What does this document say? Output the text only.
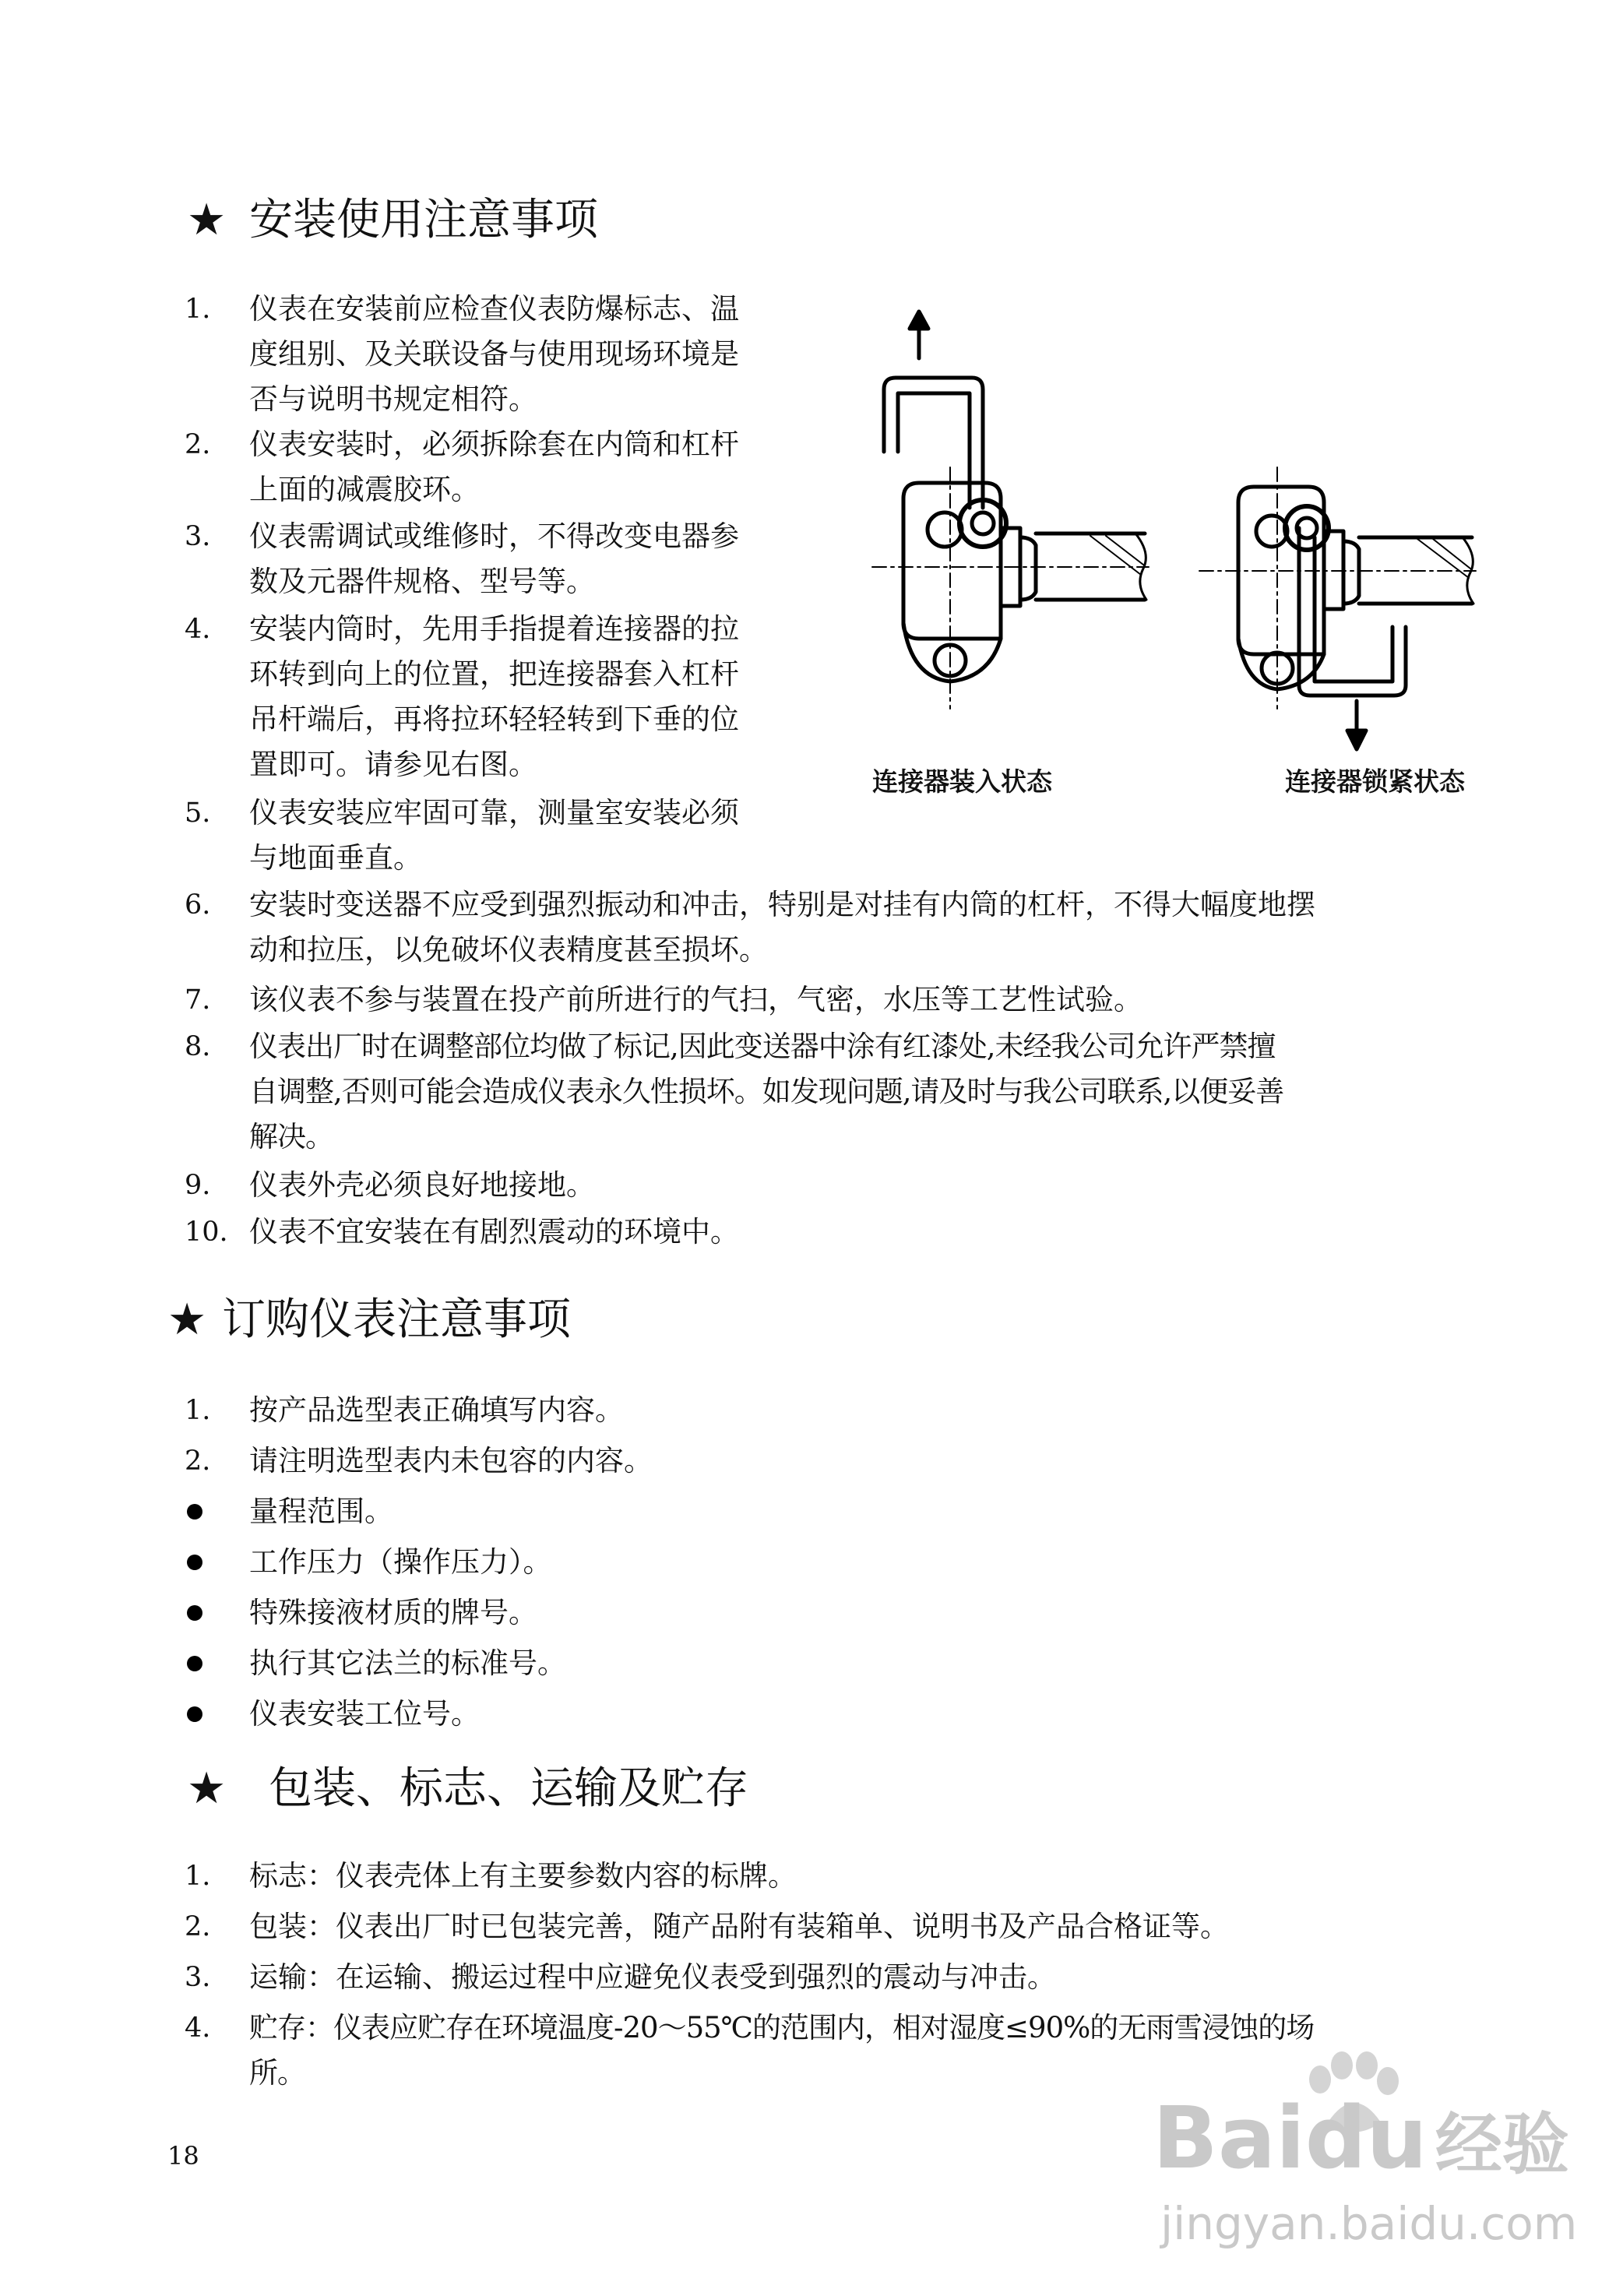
★ 安装使用注意事项
1. 仪表在安装前应检查仪表防爆标志、温
度组别、及关联设备与使用现场环境是
否与说明书规定相符。
2. 仪表安装时，必须拆除套在内筒和杠杆
上面的减震胶环。
3. 仪表需调试或维修时，不得改变电器参
数及元器件规格、型号等。
4. 安装内筒时，先用手指提着连接器的拉
环转到向上的位置，把连接器套入杠杆
吊杆端后，再将拉环轻轻转到下垂的位
置即可。请参见右图。
5. 仪表安装应牢固可靠，测量室安装必须
与地面垂直。
6. 安装时变送器不应受到强烈振动和冲击，特别是对挂有内筒的杠杆，不得大幅度地摆
动和拉压，以免破坏仪表精度甚至损坏。
7. 该仪表不参与装置在投产前所进行的气扫，气密，水压等工艺性试验。
8. 仪表出厂时在调整部位均做了标记,因此变送器中涂有红漆处,未经我公司允许严禁擅
自调整,否则可能会造成仪表永久性损坏。如发现问题,请及时与我公司联系,以便妥善
解决。
9. 仪表外壳必须良好地接地。
10. 仪表不宜安装在有剧烈震动的环境中。
连接器装入状态	连接器锁紧状态
★ 订购仪表注意事项
1. 按产品选型表正确填写内容。
2. 请注明选型表内未包容的内容。
量程范围。
工作压力（操作压力）。
特殊接液材质的牌号。
执行其它法兰的标准号。
仪表安装工位号。
★ 包装、标志、运输及贮存
1. 标志：仪表壳体上有主要参数内容的标牌。
2. 包装：仪表出厂时已包装完善，随产品附有装箱单、说明书及产品合格证等。
3. 运输：在运输、搬运过程中应避免仪表受到强烈的震动与冲击。
4. 贮存：仪表应贮存在环境温度-20～55℃的范围内，相对湿度≤90%的无雨雪浸蚀的场
所。
18	Baidu 经验
jingyan.baidu.com
